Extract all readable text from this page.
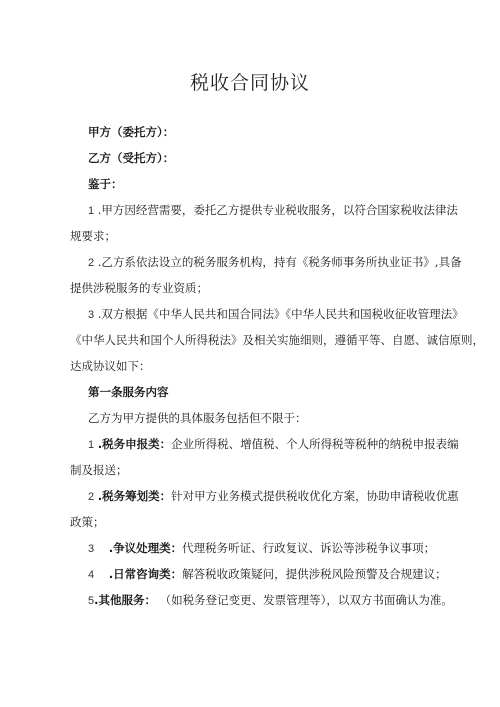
税收合同协议
甲方（委托方）：
乙方（受托方）：
鉴于：
1 .甲方因经营需要，委托乙方提供专业税收服务，以符合国家税收法律法
规要求；
2 .乙方系依法设立的税务服务机构，持有《税务师事务所执业证书》,具备
提供涉税服务的专业资质；
3 .双方根据《中华人民共和国合同法》《中华人民共和国税收征收管理法》
《中华人民共和国个人所得税法》及相关实施细则，遵循平等、自愿、诚信原则，
达成协议如下：
第一条服务内容
乙方为甲方提供的具体服务包括但不限于：
1 .税务申报类：企业所得税、增值税、个人所得税等税种的纳税申报表编
制及报送；
2 .税务筹划类：针对甲方业务模式提供税收优化方案，协助申请税收优惠
政策；
3 .争议处理类：代理税务听证、行政复议、诉讼等涉税争议事项；
4 .日常咨询类：解答税收政策疑问，提供涉税风险预警及合规建议；
5.其他服务： （如税务登记变更、发票管理等），以双方书面确认为准。
